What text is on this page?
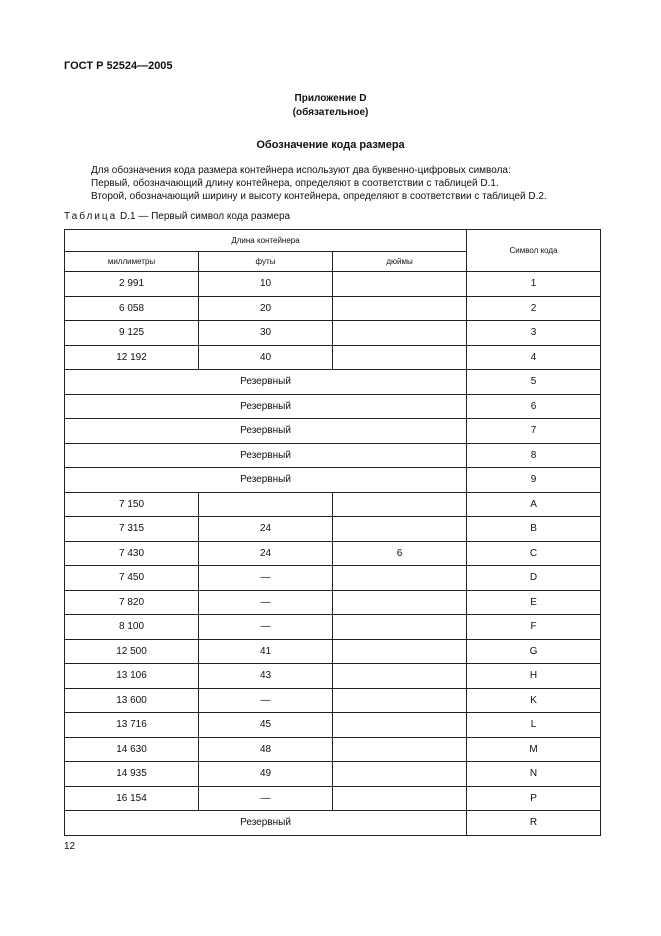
ГОСТ Р 52524—2005
Приложение D
(обязательное)
Обозначение кода размера
Для обозначения кода размера контейнера используют два буквенно-цифровых символа:
Первый, обозначающий длину контейнера, определяют в соответствии с таблицей D.1.
Второй, обозначающий ширину и высоту контейнера, определяют в соответствии с таблицей D.2.
Таблица D.1 — Первый символ кода размера
Длина контейнера			Символ кода
миллиметры	футы	дюймы	
2 991	10		1
6 058	20		2
9 125	30		3
12 192	40		4
Резервный			5
Резервный			6
Резервный			7
Резервный			8
Резервный			9
7 150			A
7 315	24		B
7 430	24	6	C
7 450	—		D
7 820	—		E
8 100	—		F
12 500	41		G
13 106	43		H
13 600	—		K
13 716	45		L
14 630	48		M
14 935	49		N
16 154	—		P
Резервный			R
12
